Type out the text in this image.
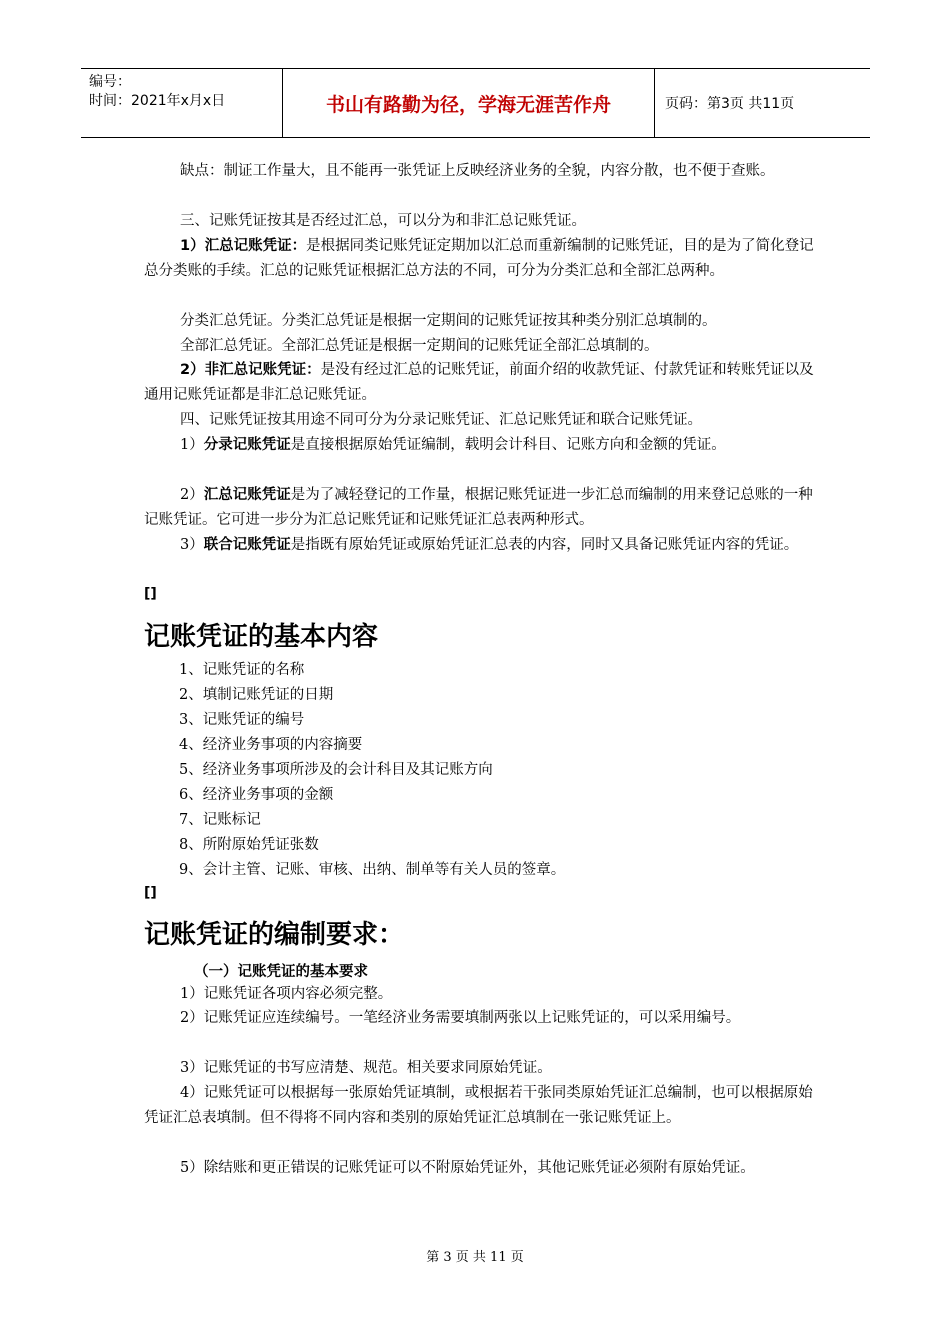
编号：
时间：2021年x月x日	书山有路勤为径，学海无涯苦作舟	页码：第3页 共11页
缺点：制证工作量大，且不能再一张凭证上反映经济业务的全貌，内容分散，也不便于查账。
三、记账凭证按其是否经过汇总，可以分为和非汇总记账凭证。
1）汇总记账凭证：是根据同类记账凭证定期加以汇总而重新编制的记账凭证，目的是为了简化登记总分类账的手续。汇总的记账凭证根据汇总方法的不同，可分为分类汇总和全部汇总两种。
分类汇总凭证。分类汇总凭证是根据一定期间的记账凭证按其种类分别汇总填制的。
全部汇总凭证。全部汇总凭证是根据一定期间的记账凭证全部汇总填制的。
2）非汇总记账凭证：是没有经过汇总的记账凭证，前面介绍的收款凭证、付款凭证和转账凭证以及通用记账凭证都是非汇总记账凭证。
四、记账凭证按其用途不同可分为分录记账凭证、汇总记账凭证和联合记账凭证。
1）分录记账凭证是直接根据原始凭证编制，载明会计科目、记账方向和金额的凭证。
2）汇总记账凭证是为了减轻登记的工作量，根据记账凭证进一步汇总而编制的用来登记总账的一种记账凭证。它可进一步分为汇总记账凭证和记账凭证汇总表两种形式。
3）联合记账凭证是指既有原始凭证或原始凭证汇总表的内容，同时又具备记账凭证内容的凭证。
[]
记账凭证的基本内容
1、记账凭证的名称
2、填制记账凭证的日期
3、记账凭证的编号
4、经济业务事项的内容摘要
5、经济业务事项所涉及的会计科目及其记账方向
6、经济业务事项的金额
7、记账标记
8、所附原始凭证张数
9、会计主管、记账、审核、出纳、制单等有关人员的签章。
[]
记账凭证的编制要求：
（一）记账凭证的基本要求
1）记账凭证各项内容必须完整。
2）记账凭证应连续编号。一笔经济业务需要填制两张以上记账凭证的，可以采用编号。
3）记账凭证的书写应清楚、规范。相关要求同原始凭证。
4）记账凭证可以根据每一张原始凭证填制，或根据若干张同类原始凭证汇总编制，也可以根据原始凭证汇总表填制。但不得将不同内容和类别的原始凭证汇总填制在一张记账凭证上。
5）除结账和更正错误的记账凭证可以不附原始凭证外，其他记账凭证必须附有原始凭证。
第 3 页 共 11 页
